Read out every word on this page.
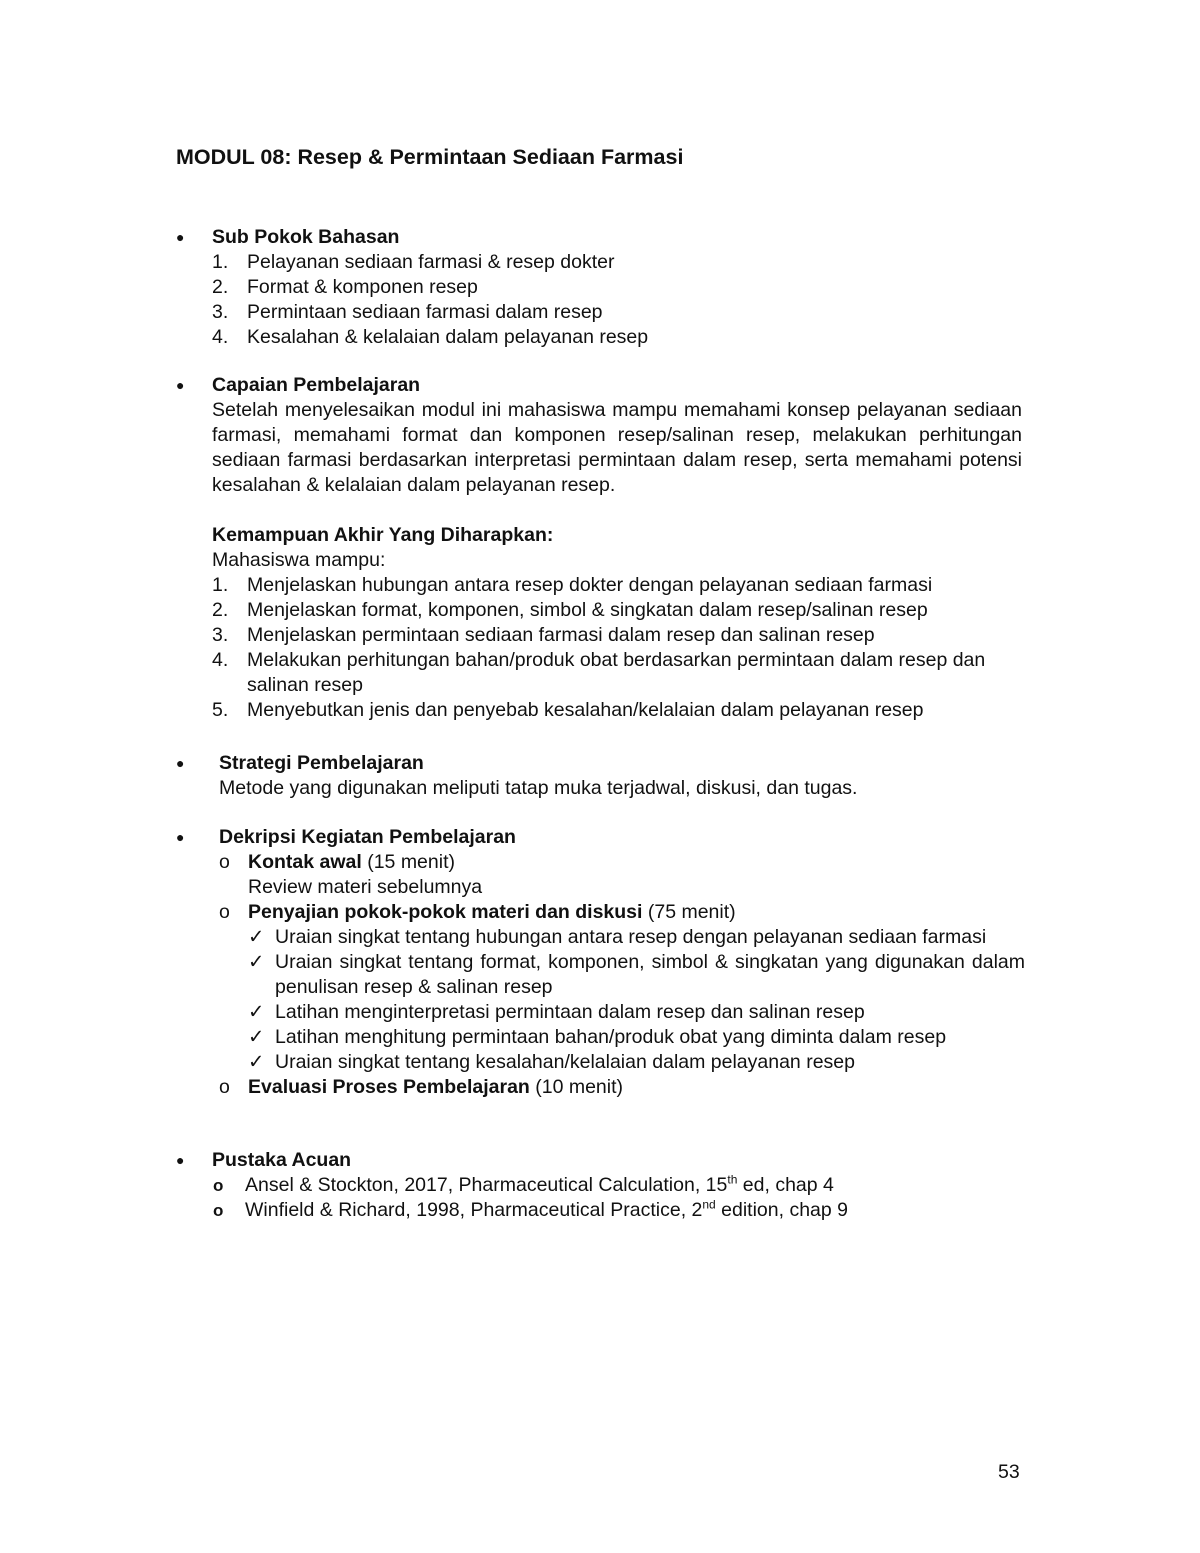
MODUL 08: Resep & Permintaan Sediaan Farmasi
● Sub Pokok Bahasan
1. Pelayanan sediaan farmasi & resep dokter
2. Format & komponen resep
3. Permintaan sediaan farmasi dalam resep
4. Kesalahan & kelalaian dalam pelayanan resep
● Capaian Pembelajaran

Setelah menyelesaikan modul ini mahasiswa mampu memahami konsep pelayanan sediaan farmasi, memahami format dan komponen resep/salinan resep, melakukan perhitungan sediaan farmasi berdasarkan interpretasi permintaan dalam resep, serta memahami potensi kesalahan & kelalaian dalam pelayanan resep.

Kemampuan Akhir Yang Diharapkan:
Mahasiswa mampu:
1. Menjelaskan hubungan antara resep dokter dengan pelayanan sediaan farmasi
2. Menjelaskan format, komponen, simbol & singkatan dalam resep/salinan resep
3. Menjelaskan permintaan sediaan farmasi dalam resep dan salinan resep
4. Melakukan perhitungan bahan/produk obat berdasarkan permintaan dalam resep dan salinan resep
5. Menyebutkan jenis dan penyebab kesalahan/kelalaian dalam pelayanan resep
● Strategi Pembelajaran
Metode yang digunakan meliputi tatap muka terjadwal, diskusi, dan tugas.
● Dekripsi Kegiatan Pembelajaran
o Kontak awal (15 menit)
Review materi sebelumnya
o Penyajian pokok-pokok materi dan diskusi (75 menit)
✓ Uraian singkat tentang hubungan antara resep dengan pelayanan sediaan farmasi
✓ Uraian singkat tentang format, komponen, simbol & singkatan yang digunakan dalam penulisan resep & salinan resep
✓ Latihan menginterpretasi permintaan dalam resep dan salinan resep
✓ Latihan menghitung permintaan bahan/produk obat yang diminta dalam resep
✓ Uraian singkat tentang kesalahan/kelalaian dalam pelayanan resep
o Evaluasi Proses Pembelajaran (10 menit)
● Pustaka Acuan
o Ansel & Stockton, 2017, Pharmaceutical Calculation, 15th ed, chap 4
o Winfield & Richard, 1998, Pharmaceutical Practice, 2nd edition, chap 9
53
